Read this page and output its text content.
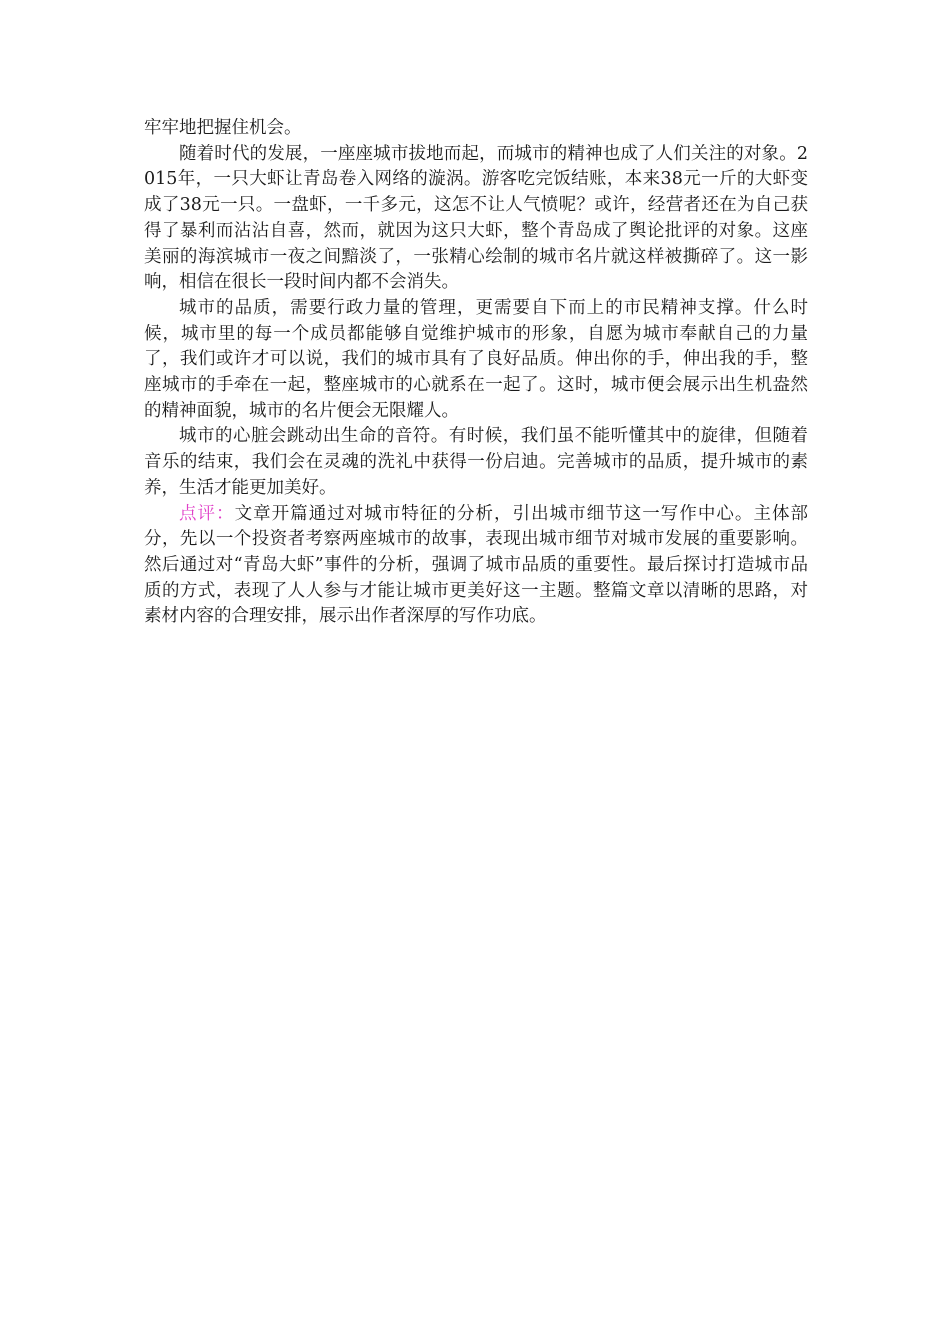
牢牢地把握住机会。

随着时代的发展，一座座城市拔地而起，而城市的精神也成了人们关注的对象。2015年，一只大虾让青岛卷入网络的漩涡。游客吃完饭结账，本来38元一斤的大虾变成了38元一只。一盘虾，一千多元，这怎不让人气愤呢？或许，经营者还在为自己获得了暴利而沾沾自喜，然而，就因为这只大虾，整个青岛成了舆论批评的对象。这座美丽的海滨城市一夜之间黯淡了，一张精心绘制的城市名片就这样被撕碎了。这一影响，相信在很长一段时间内都不会消失。

城市的品质，需要行政力量的管理，更需要自下而上的市民精神支撑。什么时候，城市里的每一个成员都能够自觉维护城市的形象，自愿为城市奉献自己的力量了，我们或许才可以说，我们的城市具有了良好品质。伸出你的手，伸出我的手，整座城市的手牵在一起，整座城市的心就系在一起了。这时，城市便会展示出生机盎然的精神面貌，城市的名片便会无限耀人。

城市的心脏会跳动出生命的音符。有时候，我们虽不能听懂其中的旋律，但随着音乐的结束，我们会在灵魂的洗礼中获得一份启迪。完善城市的品质，提升城市的素养，生活才能更加美好。

点评：文章开篇通过对城市特征的分析，引出城市细节这一写作中心。主体部分，先以一个投资者考察两座城市的故事，表现出城市细节对城市发展的重要影响。然后通过对“青岛大虾”事件的分析，强调了城市品质的重要性。最后探讨打造城市品质的方式，表现了人人参与才能让城市更美好这一主题。整篇文章以清晰的思路，对素材内容的合理安排，展示出作者深厚的写作功底。
